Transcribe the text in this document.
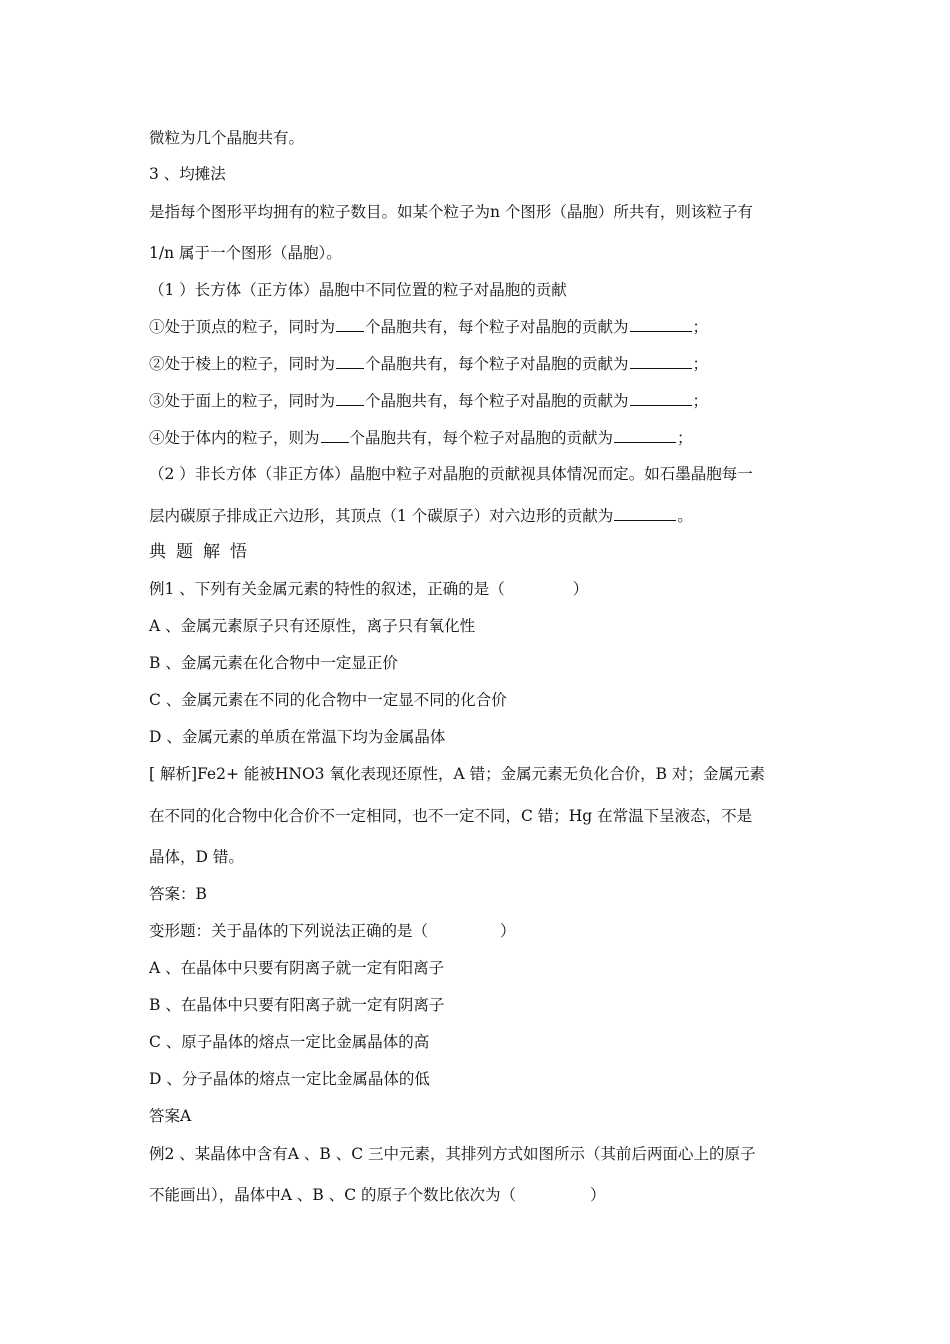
微粒为几个晶胞共有。
3 、均摊法
是指每个图形平均拥有的粒子数目。如某个粒子为n 个图形（晶胞）所共有，则该粒子有
1/n 属于一个图形（晶胞）。
（1 ）长方体（正方体）晶胞中不同位置的粒子对晶胞的贡献
①处于顶点的粒子，同时为 个晶胞共有，每个粒子对晶胞的贡献为	；
②处于棱上的粒子，同时为 个晶胞共有，每个粒子对晶胞的贡献为	；
③处于面上的粒子，同时为 个晶胞共有，每个粒子对晶胞的贡献为	；
④处于体内的粒子，则为 个晶胞共有，每个粒子对晶胞的贡献为	；
（2 ）非长方体（非正方体）晶胞中粒子对晶胞的贡献视具体情况而定。如石墨晶胞每一
层内碳原子排成正六边形，其顶点（1 个碳原子）对六边形的贡献为	。
典题解悟
例1 、下列有关金属元素的特性的叙述，正确的是（	）
A 、金属元素原子只有还原性，离子只有氧化性
B 、金属元素在化合物中一定显正价
C 、金属元素在不同的化合物中一定显不同的化合价
D 、金属元素的单质在常温下均为金属晶体
[ 解析]Fe2+ 能被HNO3 氧化表现还原性，A 错；金属元素无负化合价，B 对；金属元素
在不同的化合物中化合价不一定相同，也不一定不同，C 错；Hg 在常温下呈液态，不是
晶体，D 错。
答案：B
变形题：关于晶体的下列说法正确的是（	）
A 、在晶体中只要有阴离子就一定有阳离子
B 、在晶体中只要有阳离子就一定有阴离子
C 、原子晶体的熔点一定比金属晶体的高
D 、分子晶体的熔点一定比金属晶体的低
答案A
例2 、某晶体中含有A 、B 、C 三中元素，其排列方式如图所示（其前后两面心上的原子
不能画出），晶体中A 、B 、C 的原子个数比依次为（	）
